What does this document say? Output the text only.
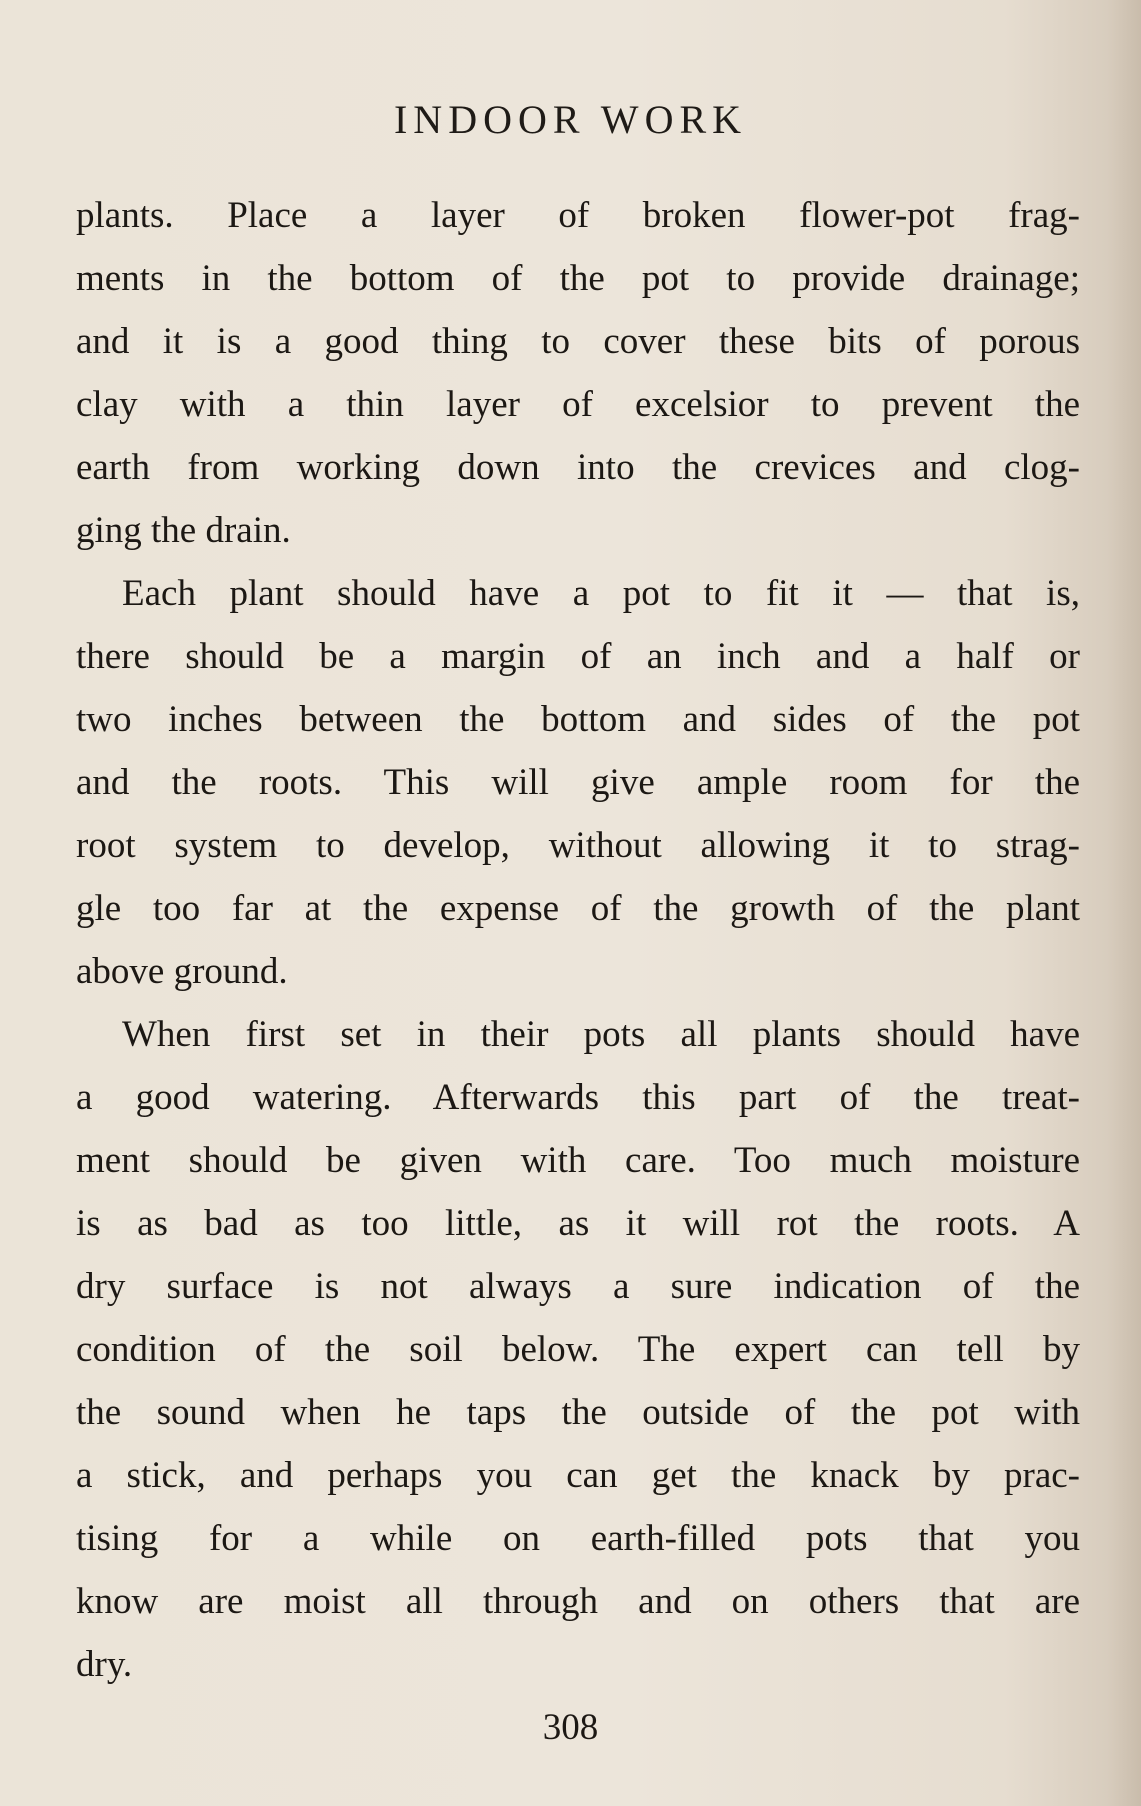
INDOOR WORK
plants. Place a layer of broken flower-pot frag-
ments in the bottom of the pot to provide drainage;
and it is a good thing to cover these bits of porous
clay with a thin layer of excelsior to prevent the
earth from working down into the crevices and clog-
ging the drain.
Each plant should have a pot to fit it — that is,
there should be a margin of an inch and a half or
two inches between the bottom and sides of the pot
and the roots. This will give ample room for the
root system to develop, without allowing it to strag-
gle too far at the expense of the growth of the plant
above ground.
When first set in their pots all plants should have
a good watering. Afterwards this part of the treat-
ment should be given with care. Too much moisture
is as bad as too little, as it will rot the roots. A
dry surface is not always a sure indication of the
condition of the soil below. The expert can tell by
the sound when he taps the outside of the pot with
a stick, and perhaps you can get the knack by prac-
tising for a while on earth-filled pots that you
know are moist all through and on others that are
dry.
308
